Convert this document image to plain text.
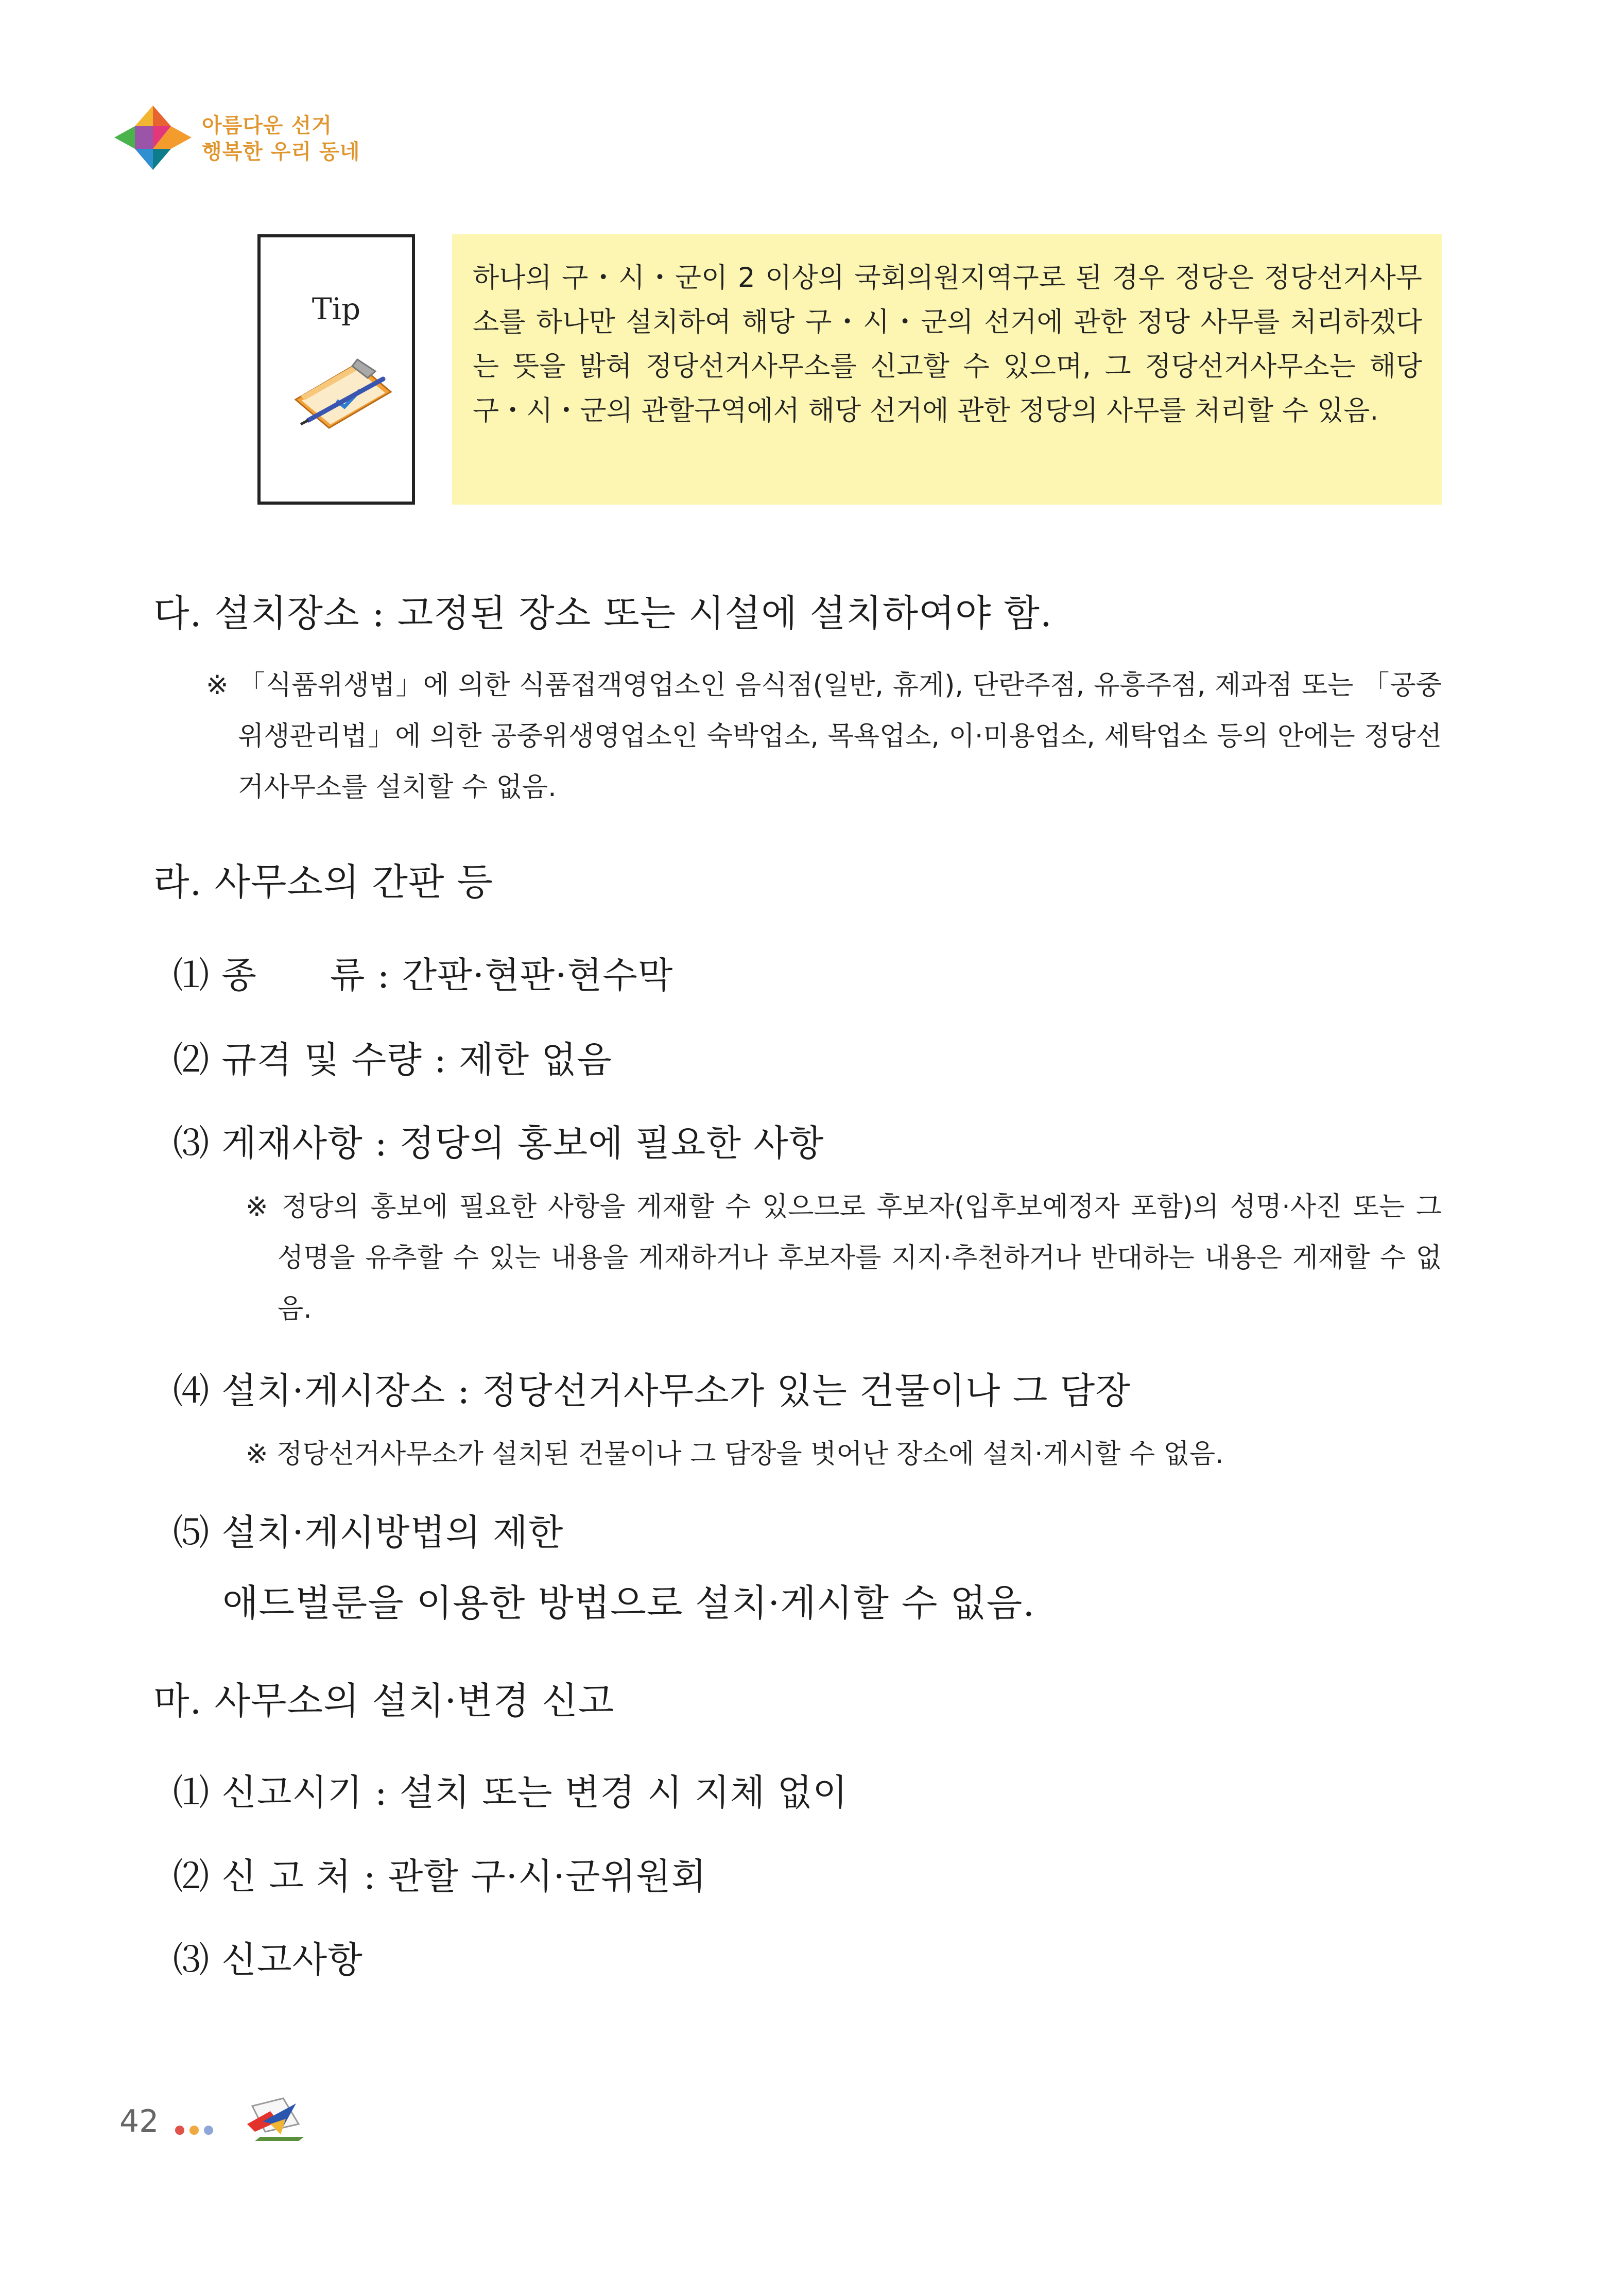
아름다운 선거
행복한 우리 동네
Tip

하나의 구・시・군이 2 이상의 국회의원지역구로 된 경우 정당은 정당선거사무소를 하나만 설치하여 해당 구・시・군의 선거에 관한 정당 사무를 처리하겠다는 뜻을 밝혀 정당선거사무소를 신고할 수 있으며, 그 정당선거사무소는 해당 구・시・군의 관할구역에서 해당 선거에 관한 정당의 사무를 처리할 수 있음.

다. 설치장소 : 고정된 장소 또는 시설에 설치하여야 함.

※ 「식품위생법」에 의한 식품접객영업소인 음식점(일반, 휴게), 단란주점, 유흥주점, 제과점 또는 「공중위생관리법」에 의한 공중위생영업소인 숙박업소, 목욕업소, 이·미용업소, 세탁업소 등의 안에는 정당선거사무소를 설치할 수 없음.

라. 사무소의 간판 등
⑴ 종　　류 : 간판·현판·현수막
⑵ 규격 및 수량 : 제한 없음
⑶ 게재사항 : 정당의 홍보에 필요한 사항

※ 정당의 홍보에 필요한 사항을 게재할 수 있으므로 후보자(입후보예정자 포함)의 성명·사진 또는 그 성명을 유추할 수 있는 내용을 게재하거나 후보자를 지지·추천하거나 반대하는 내용은 게재할 수 없음.

⑷ 설치·게시장소 : 정당선거사무소가 있는 건물이나 그 담장

※ 정당선거사무소가 설치된 건물이나 그 담장을 벗어난 장소에 설치·게시할 수 없음.

⑸ 설치·게시방법의 제한
애드벌룬을 이용한 방법으로 설치·게시할 수 없음.
마. 사무소의 설치·변경 신고
⑴ 신고시기 : 설치 또는 변경 시 지체 없이
⑵ 신 고 처 : 관할 구·시·군위원회
⑶ 신고사항
42
